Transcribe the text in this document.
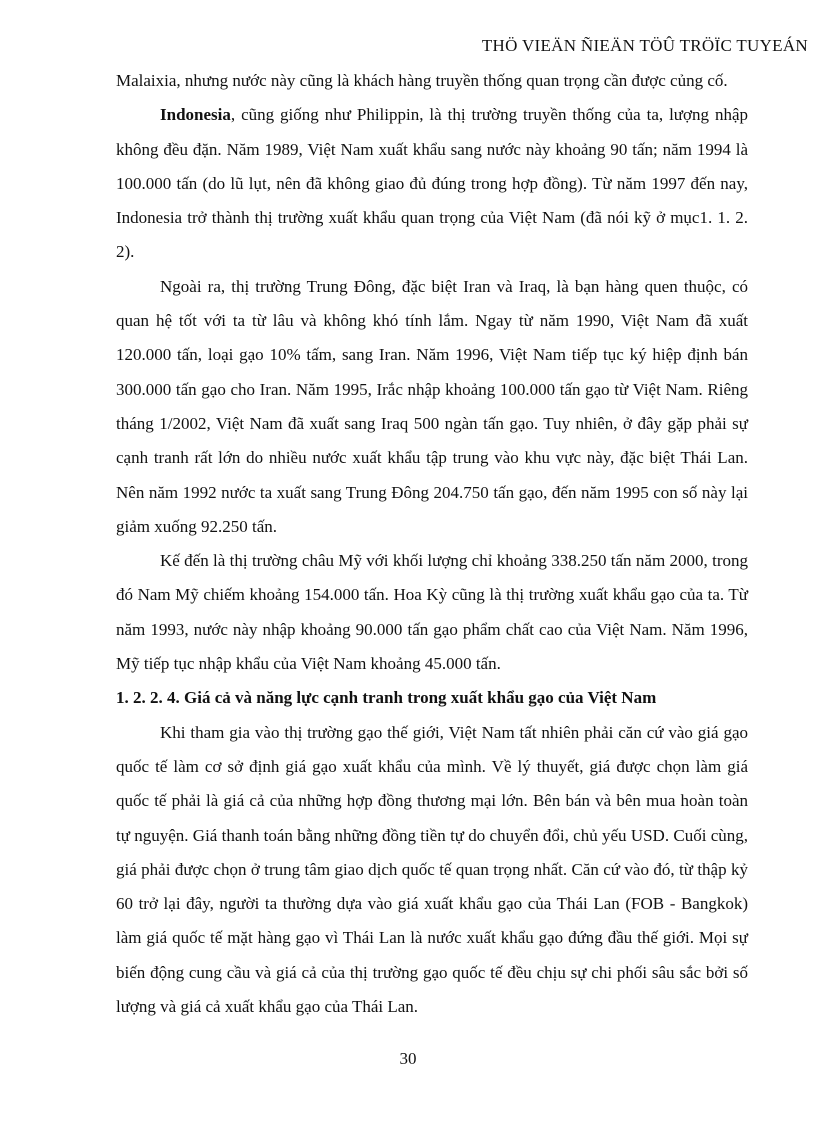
THÖ VIEÄN ÑIEÄN TÖÛ TRÖÏC TUYEÁN

Malaixia, nhưng nước này cũng là khách hàng truyền thống quan trọng cần được củng cố.

Indonesia, cũng giống như Philippin, là thị trường truyền thống của ta, lượng nhập không đều đặn. Năm 1989, Việt Nam xuất khẩu sang nước này khoảng 90 tấn; năm 1994 là 100.000 tấn (do lũ lụt, nên đã không giao đủ đúng trong hợp đồng). Từ năm 1997 đến nay, Indonesia trở thành thị trường xuất khẩu quan trọng của Việt Nam (đã nói kỹ ở mục1. 1. 2. 2).

Ngoài ra, thị trường Trung Đông, đặc biệt Iran và Iraq, là bạn hàng quen thuộc, có quan hệ tốt với ta từ lâu và không khó tính lắm. Ngay từ năm 1990, Việt Nam đã xuất 120.000 tấn, loại gạo 10% tấm, sang Iran. Năm 1996, Việt Nam tiếp tục ký hiệp định bán 300.000 tấn gạo cho Iran. Năm 1995, Irắc nhập khoảng 100.000 tấn gạo từ Việt Nam. Riêng tháng 1/2002, Việt Nam đã xuất sang Iraq 500 ngàn tấn gạo. Tuy nhiên, ở đây gặp phải sự cạnh tranh rất lớn do nhiều nước xuất khẩu tập trung vào khu vực này, đặc biệt Thái Lan. Nên năm 1992 nước ta xuất sang Trung Đông 204.750 tấn gạo, đến năm 1995 con số này lại giảm xuống 92.250 tấn.

Kế đến là thị trường châu Mỹ với khối lượng chỉ khoảng 338.250 tấn năm 2000, trong đó Nam Mỹ chiếm khoảng 154.000 tấn. Hoa Kỳ cũng là thị trường xuất khẩu gạo của ta. Từ năm 1993, nước này nhập khoảng 90.000 tấn gạo phẩm chất cao của Việt Nam. Năm 1996, Mỹ tiếp tục nhập khẩu của Việt Nam khoảng 45.000 tấn.

1. 2. 2. 4. Giá cả và năng lực cạnh tranh trong xuất khẩu gạo của Việt Nam

Khi tham gia vào thị trường gạo thế giới, Việt Nam tất nhiên phải căn cứ vào giá gạo quốc tế làm cơ sở định giá gạo xuất khẩu của mình. Về lý thuyết, giá được chọn làm giá quốc tế phải là giá cả của những hợp đồng thương mại lớn. Bên bán và bên mua hoàn toàn tự nguyện. Giá thanh toán bằng những đồng tiền tự do chuyển đổi, chủ yếu USD. Cuối cùng, giá phải được chọn ở trung tâm giao dịch quốc tế quan trọng nhất. Căn cứ vào đó, từ thập kỷ 60 trở lại đây, người ta thường dựa vào giá xuất khẩu gạo của Thái Lan (FOB - Bangkok) làm giá quốc tế mặt hàng gạo vì Thái Lan là nước xuất khẩu gạo đứng đầu thế giới. Mọi sự biến động cung cầu và giá cả của thị trường gạo quốc tế đều chịu sự chi phối sâu sắc bởi số lượng và giá cả xuất khẩu gạo của Thái Lan.

30
